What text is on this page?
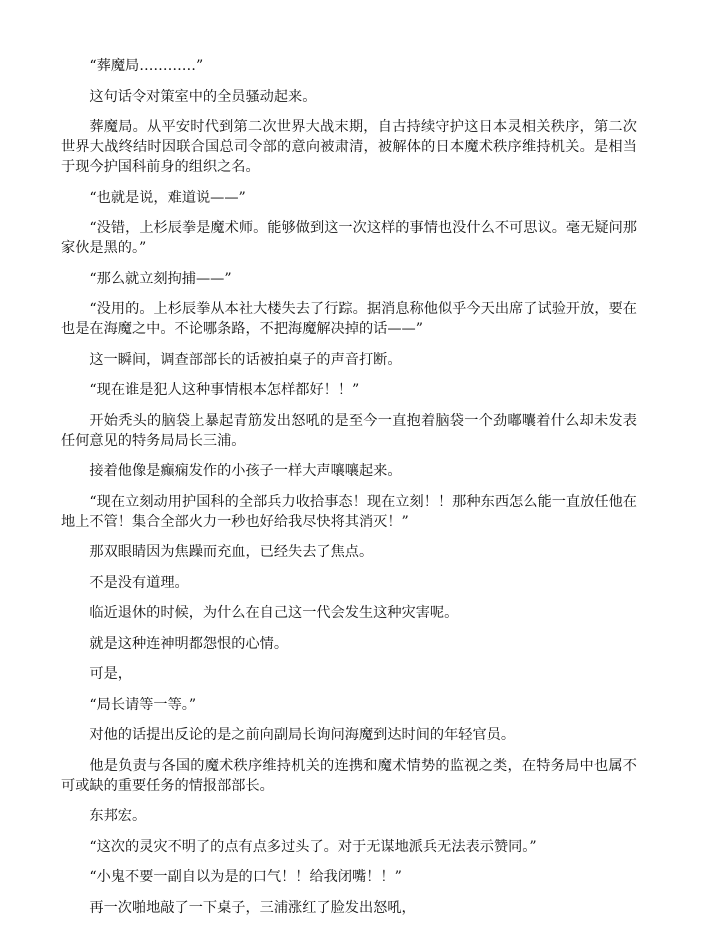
“葬魔局…………”

这句话令对策室中的全员骚动起来。

葬魔局。从平安时代到第二次世界大战末期，自古持续守护这日本灵相关秩序，第二次世界大战终结时因联合国总司令部的意向被肃清，被解体的日本魔术秩序维持机关。是相当于现今护国科前身的组织之名。

“也就是说，难道说——”

“没错，上杉辰拳是魔术师。能够做到这一次这样的事情也没什么不可思议。毫无疑问那家伙是黑的。”

“那么就立刻拘捕——”

“没用的。上杉辰拳从本社大楼失去了行踪。据消息称他似乎今天出席了试验开放，要在也是在海魔之中。不论哪条路，不把海魔解决掉的话——”

这一瞬间，调查部部长的话被拍桌子的声音打断。

“现在谁是犯人这种事情根本怎样都好！！”

开始秃头的脑袋上暴起青筋发出怒吼的是至今一直抱着脑袋一个劲嘟囔着什么却未发表任何意见的特务局局长三浦。

接着他像是癫痫发作的小孩子一样大声嚷嚷起来。

“现在立刻动用护国科的全部兵力收拾事态！现在立刻！！那种东西怎么能一直放任他在地上不管！集合全部火力一秒也好给我尽快将其消灭！”

那双眼睛因为焦躁而充血，已经失去了焦点。

不是没有道理。

临近退休的时候，为什么在自己这一代会发生这种灾害呢。

就是这种连神明都怨恨的心情。

可是，

“局长请等一等。”

对他的话提出反论的是之前向副局长询问海魔到达时间的年轻官员。

他是负责与各国的魔术秩序维持机关的连携和魔术情势的监视之类，在特务局中也属不可或缺的重要任务的情报部部长。

东邦宏。

“这次的灵灾不明了的点有点多过头了。对于无谋地派兵无法表示赞同。”

“小鬼不要一副自以为是的口气！！给我闭嘴！！”

再一次啪地敲了一下桌子，三浦涨红了脸发出怒吼，
